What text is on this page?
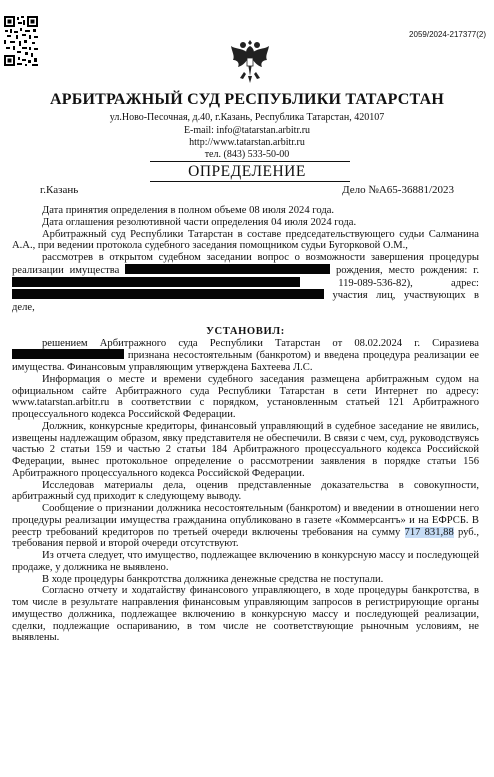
2059/2024-217377(2)
АРБИТРАЖНЫЙ СУД РЕСПУБЛИКИ ТАТАРСТАН
ул.Ново-Песочная, д.40, г.Казань, Республика Татарстан, 420107
E-mail: info@tatarstan.arbitr.ru
http://www.tatarstan.arbitr.ru
тел. (843) 533-50-00
ОПРЕДЕЛЕНИЕ
г.Казань	Дело №А65-36881/2023

Дата принятия определения в полном объеме 08 июля 2024 года.

Дата оглашения резолютивной части определения 04 июля 2024 года.

Арбитражный суд Республики Татарстан в составе председательствующего судьи Салманина А.А., при ведении протокола судебного заседания помощником судьи Бугорковой О.М.,

рассмотрев в открытом судебном заседании вопрос о возможности завершения процедуры реализации имущества	рождения, место рождения: г.  119-089-536-82), адрес:  участия лиц, участвующих в деле,

УСТАНОВИЛ:

решением Арбитражного суда Республики Татарстан от 08.02.2024 г. Сиразиева  признана несостоятельным (банкротом) и введена процедура реализации ее имущества. Финансовым управляющим утверждена Бахтеева Л.С.

Информация о месте и времени судебного заседания размещена арбитражным судом на официальном сайте Арбитражного суда Республики Татарстан в сети Интернет по адресу: www.tatarstan.arbitr.ru в соответствии с порядком, установленным статьей 121 Арбитражного процессуального кодекса Российской Федерации.

Должник, конкурсные кредиторы, финансовый управляющий в судебное заседание не явились, извещены надлежащим образом, явку представителя не обеспечили. В связи с чем, суд, руководствуясь частью 2 статьи 159 и частью 2 статьи 184 Арбитражного процессуального кодекса Российской Федерации, вынес протокольное определение о рассмотрении заявления в порядке статьи 156 Арбитражного процессуального кодекса Российской Федерации.

Исследовав материалы дела, оценив представленные доказательства в совокупности, арбитражный суд приходит к следующему выводу.

Сообщение о признании должника несостоятельным (банкротом) и введении в отношении него процедуры реализации имущества гражданина опубликовано в газете «Коммерсантъ» и на ЕФРСБ. В реестр требований кредиторов по третьей очереди включены требования на сумму 717 831,88 руб., требования первой и второй очереди отсутствуют.

Из отчета следует, что имущество, подлежащее включению в конкурсную массу и последующей продаже, у должника не выявлено.

В ходе процедуры банкротства должника денежные средства не поступали.

Согласно отчету и ходатайству финансового управляющего, в ходе процедуры банкротства, в том числе в результате направления финансовым управляющим запросов в регистрирующие органы имущество должника, подлежащее включению в конкурсную массу и последующей реализации, сделки, подлежащие оспариванию, в том числе не соответствующие рыночным условиям, не выявлены.
